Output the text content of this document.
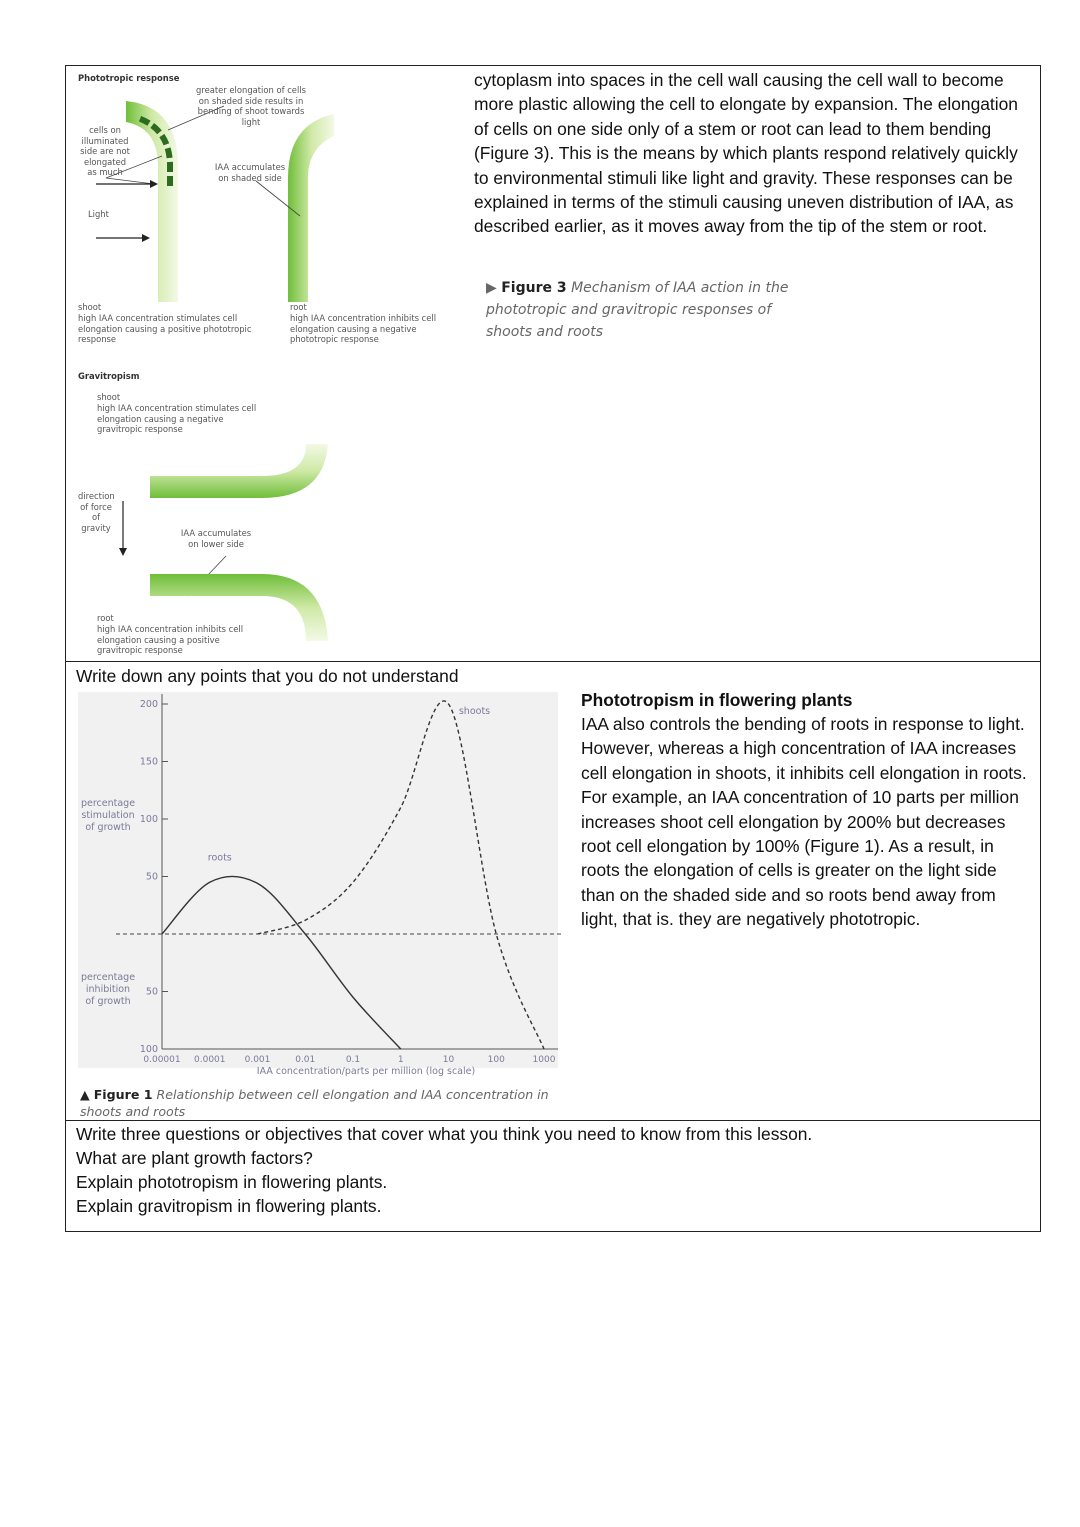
Phototropic response
greater elongation of cells on shaded side results in bending of shoot towards light
cells on illuminated side are not elongated as much
IAA accumulates on shaded side
Light
shoot
high IAA concentration stimulates cell elongation causing a positive phototropic response
root
high IAA concentration inhibits cell elongation causing a negative phototropic response
Gravitropism
shoot
high IAA concentration stimulates cell elongation causing a negative gravitropic response
direction of force of gravity
IAA accumulates on lower side
root
high IAA concentration inhibits cell elongation causing a positive gravitropic response
cytoplasm into spaces in the cell wall causing the cell wall to become more plastic allowing the cell to elongate by expansion. The elongation of cells on one side only of a stem or root can lead to them bending (Figure 3). This is the means by which plants respond relatively quickly to environmental stimuli like light and gravity. These responses can be explained in terms of the stimuli causing uneven distribution of IAA, as described earlier, as it moves away from the tip of the stem or root.
▶ Figure 3 Mechanism of IAA action in the phototropic and gravitropic responses of shoots and roots
Write down any points that you do not understand
200
150
100
50
50
100
0.00001 0.0001 0.001	0.01	0.1	1	10	100	1000
roots
shoots
percentage stimulation of growth
percentage inhibition of growth
IAA concentration/parts per million (log scale)
▲ Figure 1 Relationship between cell elongation and IAA concentration in shoots and roots
Phototropism in flowering plants
IAA also controls the bending of roots in response to light. However, whereas a high concentration of IAA increases cell elongation in shoots, it inhibits cell elongation in roots. For example, an IAA concentration of 10 parts per million increases shoot cell elongation by 200% but decreases root cell elongation by 100% (Figure 1). As a result, in roots the elongation of cells is greater on the light side than on the shaded side and so roots bend away from light, that is. they are negatively phototropic.
Write three questions or objectives that cover what you think you need to know from this lesson.
What are plant growth factors?
Explain phototropism in flowering plants.
Explain gravitropism in flowering plants.
